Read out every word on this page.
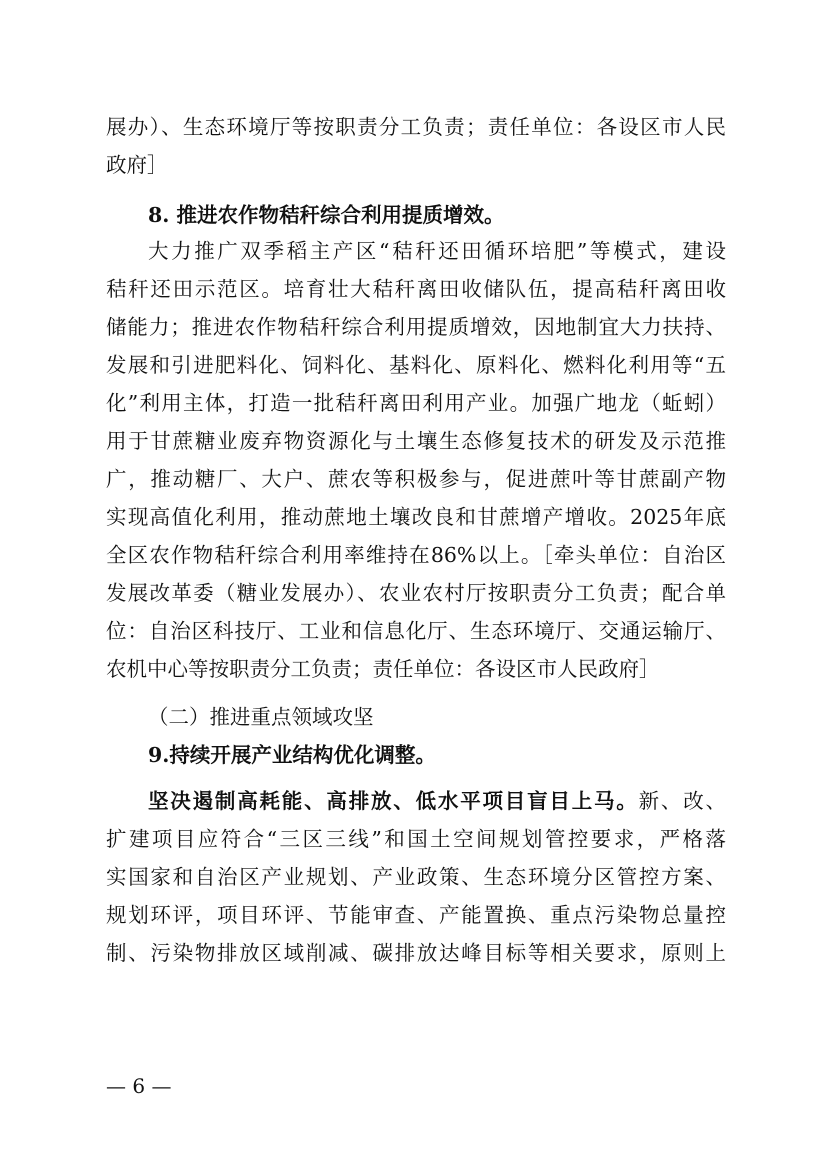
展办）、生态环境厅等按职责分工负责；责任单位：各设区市人民
政府］
8. 推进农作物秸秆综合利用提质增效。
大力推广双季稻主产区“秸秆还田循环培肥”等模式，建设
秸秆还田示范区。培育壮大秸秆离田收储队伍，提高秸秆离田收
储能力；推进农作物秸秆综合利用提质增效，因地制宜大力扶持、
发展和引进肥料化、饲料化、基料化、原料化、燃料化利用等“五
化”利用主体，打造一批秸秆离田利用产业。加强广地龙（蚯蚓）
用于甘蔗糖业废弃物资源化与土壤生态修复技术的研发及示范推
广，推动糖厂、大户、蔗农等积极参与，促进蔗叶等甘蔗副产物
实现高值化利用，推动蔗地土壤改良和甘蔗增产增收。2025年底
全区农作物秸秆综合利用率维持在86%以上。［牵头单位：自治区
发展改革委（糖业发展办）、农业农村厅按职责分工负责；配合单
位：自治区科技厅、工业和信息化厅、生态环境厅、交通运输厅、
农机中心等按职责分工负责；责任单位：各设区市人民政府］
（二）推进重点领域攻坚
9.持续开展产业结构优化调整。
坚决遏制高耗能、高排放、低水平项目盲目上马。新、改、
扩建项目应符合“三区三线”和国土空间规划管控要求，严格落
实国家和自治区产业规划、产业政策、生态环境分区管控方案、
规划环评，项目环评、节能审查、产能置换、重点污染物总量控
制、污染物排放区域削减、碳排放达峰目标等相关要求，原则上
— 6 —
